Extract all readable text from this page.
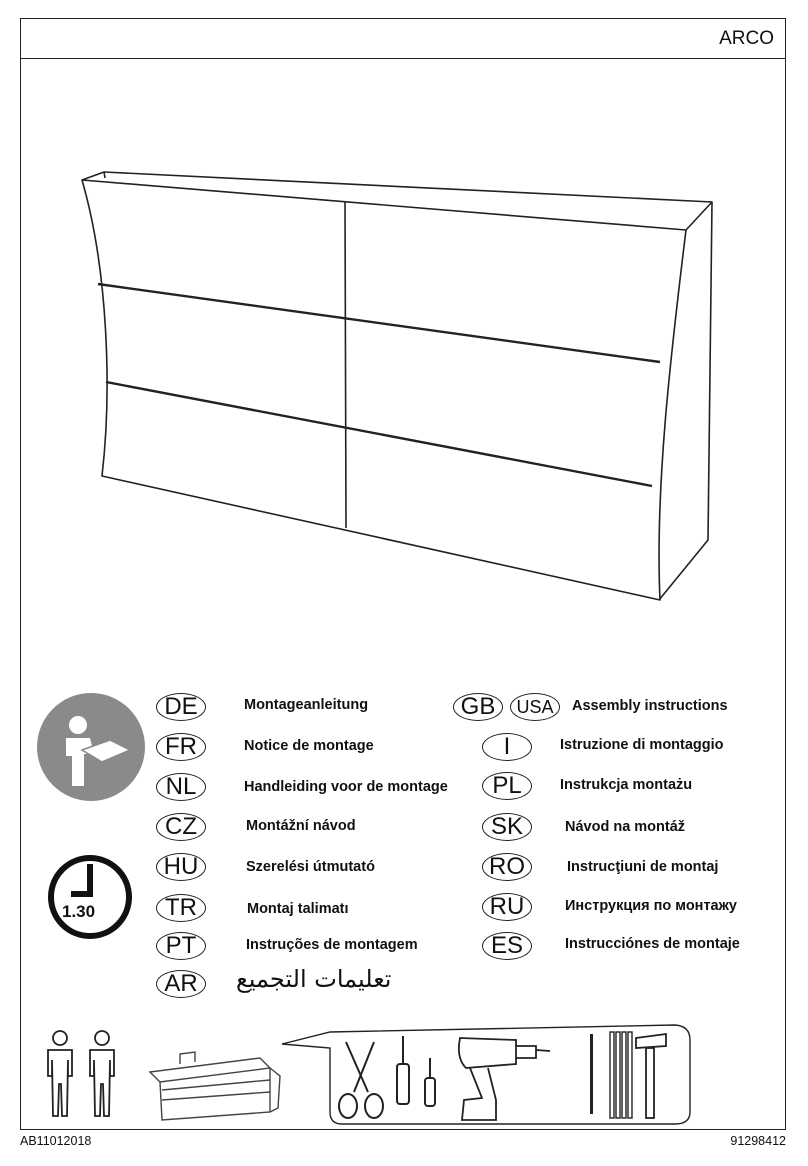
ARCO
1.30
DE	Montageanleitung
FR	Notice de montage
NL	Handleiding voor de montage
CZ	Montážní návod
HU	Szerelési útmutató
TR	Montaj talimatı
PT	Instruções de montagem
AR	تعليمات التجميع
GB	USA	Assembly instructions
I	Istruzione di montaggio
PL	Instrukcja montażu
SK	Návod na montáž
RO	Instrucţiuni de montaj
RU	Инструкция по монтажу
ES	Instrucciónes de montaje
AB11012018	91298412
